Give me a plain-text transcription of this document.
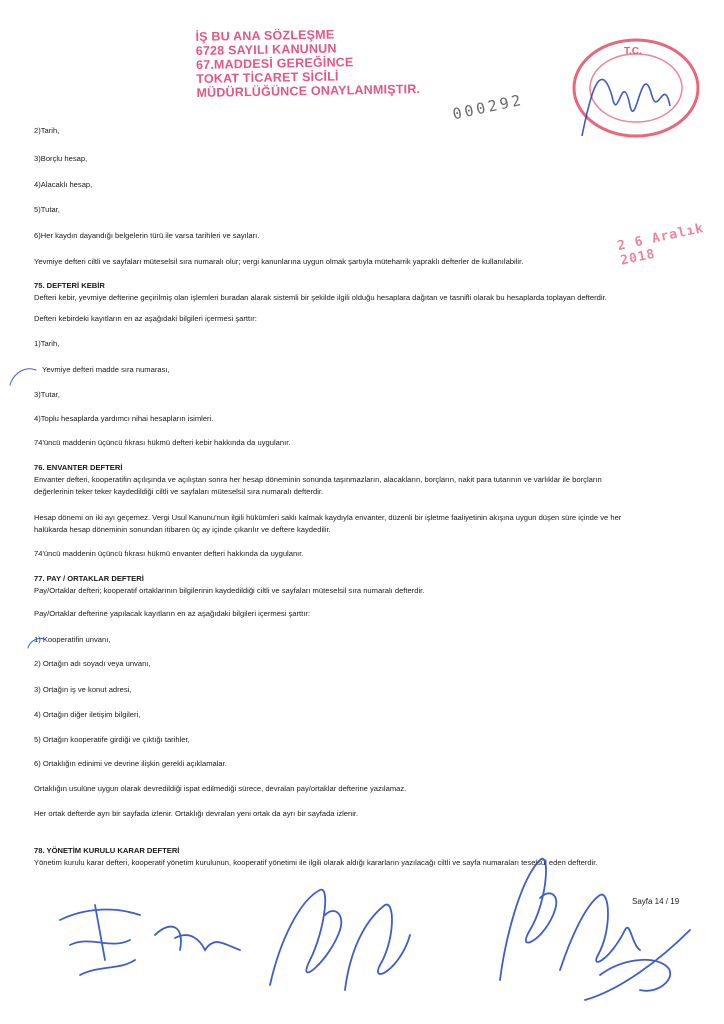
İŞ BU ANA SÖZLEŞME
6728 SAYILI KANUNUN
67.MADDESİ GEREĞİNCE
TOKAT TİCARET SİCİLİ
MÜDÜRLÜĞÜNCE ONAYLANMIŞTIR. 000292
T.C.
2 6 Aralık 2018
2)Tarih,
3)Borçlu hesap,
4)Alacaklı hesap,
5)Tutar,
6)Her kaydın dayandığı belgelerin türü ile varsa tarihleri ve sayıları.
Yevmiye defteri ciltli ve sayfaları müteselsil sıra numaralı olur; vergi kanunlarına uygun olmak şartıyla müteharrik yapraklı defterler de kullanılabilir.
75. DEFTERİ KEBİR
Defteri kebir, yevmiye defterine geçirilmiş olan işlemleri buradan alarak sistemli bir şekilde ilgili olduğu hesaplara dağıtan ve tasnifli olarak bu hesaplarda toplayan defterdir.
Defteri kebirdeki kayıtların en az aşağıdaki bilgileri içermesi şarttır:
1)Tarih,
Yevmiye defteri madde sıra numarası,
3)Tutar,
4)Toplu hesaplarda yardımcı nihai hesapların isimleri.
74'üncü maddenin üçüncü fıkrası hükmü defteri kebir hakkında da uygulanır.
76. ENVANTER DEFTERİ
Envanter defteri, kooperatifin açılışında ve açılıştan sonra her hesap döneminin sonunda taşınmazların, alacakların, borçların, nakit para tutarının ve varlıklar ile borçların
değerlerinin teker teker kaydedildiği ciltli ve sayfaları müteselsil sıra numaralı defterdir.
Hesap dönemi on iki ayı geçemez. Vergi Usul Kanunu'nun ilgili hükümleri saklı kalmak kaydıyla envanter, düzenli bir işletme faaliyetinin akışına uygun düşen süre içinde ve her
halükarda hesap döneminin sonundan itibaren üç ay içinde çıkarılır ve deftere kaydedilir.
74'üncü maddenin üçüncü fıkrası hükmü envanter defteri hakkında da uygulanır.
77. PAY / ORTAKLAR DEFTERİ
Pay/Ortaklar defteri; kooperatif ortaklarının bilgilerinin kaydedildiği ciltli ve sayfaları müteselsil sıra numaralı defterdir.
Pay/Ortaklar defterine yapılacak kayıtların en az aşağıdaki bilgileri içermesi şarttır:
1) Kooperatifin unvanı,
2) Ortağın adı soyadı veya unvanı,
3) Ortağın iş ve konut adresi,
4) Ortağın diğer iletişim bilgileri,
5) Ortağın kooperatife girdiği ve çıktığı tarihler,
6) Ortaklığın edinimi ve devrine ilişkin gerekli açıklamalar.
Ortaklığın usulüne uygun olarak devredildiği ispat edilmediği sürece, devralan pay/ortaklar defterine yazılamaz.
Her ortak defterde ayrı bir sayfada izlenir. Ortaklığı devralan yeni ortak da ayrı bir sayfada izlenir.
78. YÖNETİM KURULU KARAR DEFTERİ
Yönetim kurulu karar defteri, kooperatif yönetim kurulunun, kooperatif yönetimi ile ilgili olarak aldığı kararların yazılacağı ciltli ve sayfa numaraları teselsül eden defterdir.
Sayfa 14 / 19
